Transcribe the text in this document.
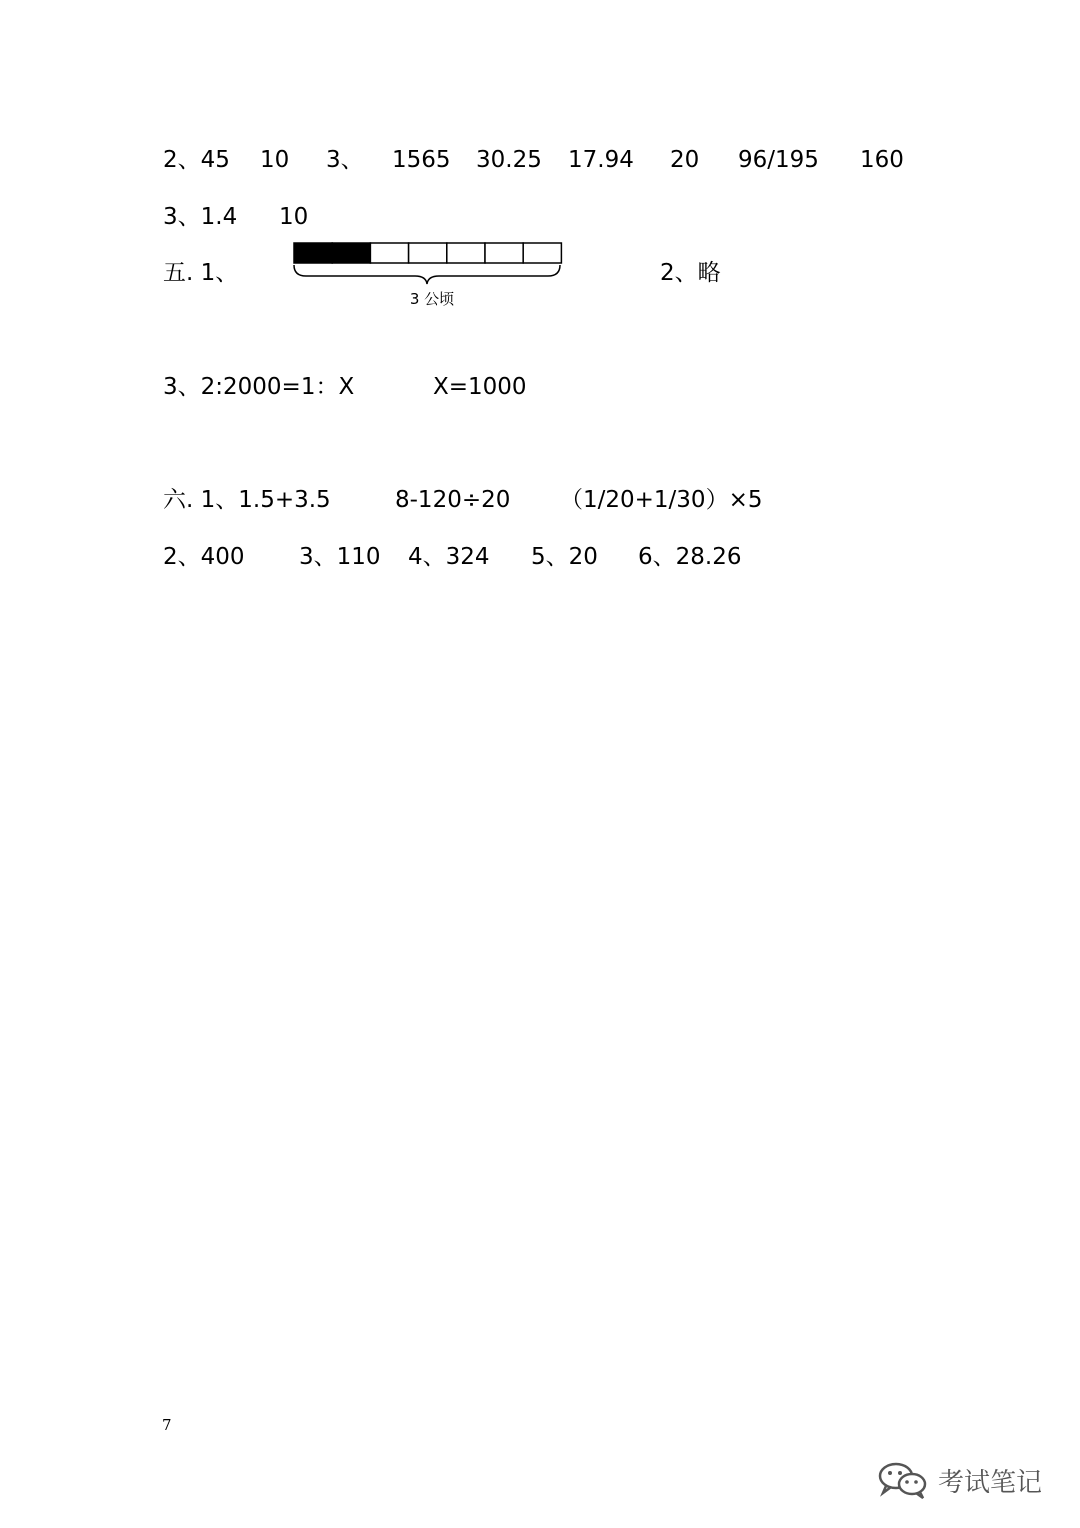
2、45 10 3、 1565 30.25 17.94 20 96/195 160
3、1.4 10
五. 1、
3 公顷
2、略
3、2:2000=1：X	X=1000
六. 1、1.5+3.5	8-120÷20 （1/20+1/30）×5
2、400 3、110 4、324 5、20 6、28.26
7
考试笔记
